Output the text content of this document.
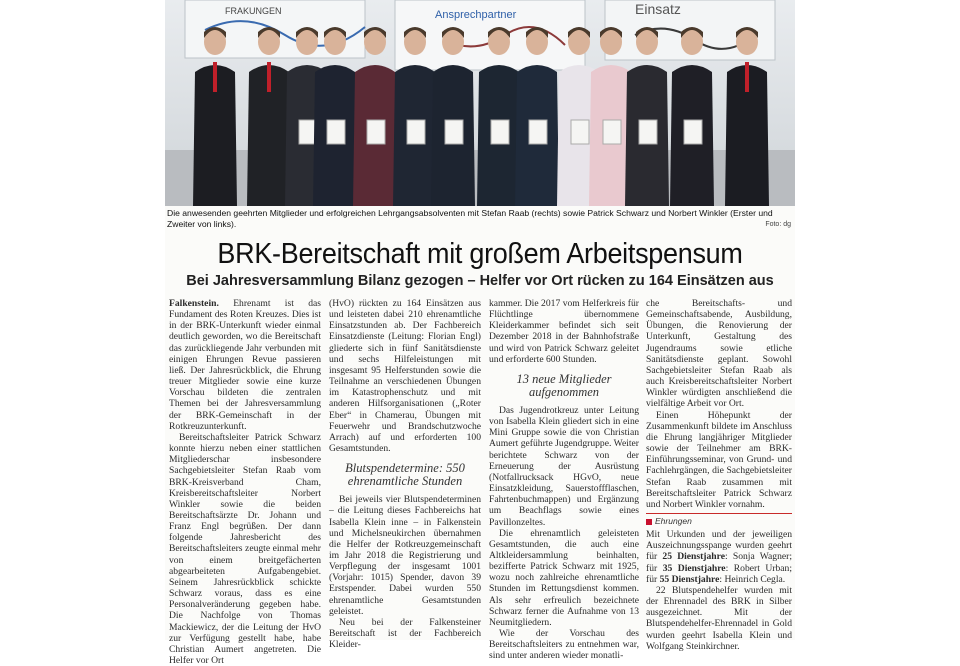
FRAKUNGEN	Ansprechpartner	Einsatz
Die anwesenden geehrten Mitglieder und erfolgreichen Lehrgangsabsolventen mit Stefan Raab (rechts) sowie Patrick Schwarz und Norbert Winkler (Erster und Zweiter von links).	Foto: dg
BRK-Bereitschaft mit großem Arbeitspensum
Bei Jahresversammlung Bilanz gezogen – Helfer vor Ort rücken zu 164 Einsätzen aus

Falkenstein. Ehrenamt ist das Fundament des Roten Kreuzes. Dies ist in der BRK-Unterkunft wieder einmal deutlich geworden, wo die Bereitschaft das zurückliegende Jahr verbunden mit einigen Ehrungen Revue passieren ließ. Der Jahresrückblick, die Ehrung treuer Mitglieder sowie eine kurze Vorschau bildeten die zentralen Themen bei der Jahresversammlung der BRK-Gemeinschaft in der Rotkreuzunterkunft.

Bereitschaftsleiter Patrick Schwarz konnte hierzu neben einer stattlichen Mitgliederschar insbesondere Sachgebietsleiter Stefan Raab vom BRK-Kreisverband Cham, Kreisbereitschaftsleiter Norbert Winkler sowie die beiden Bereitschaftsärzte Dr. Johann und Franz Engl begrüßen. Der dann folgende Jahresbericht des Bereitschaftsleiters zeugte einmal mehr von einem breitgefächerten abgearbeiteten Aufgabengebiet. Seinem Jahresrückblick schickte Schwarz voraus, dass es eine Personalveränderung gegeben habe. Die Nachfolge von Thomas Mackiewicz, der die Leitung der HvO zur Verfügung gestellt habe, habe Christian Aumert angetreten. Die Helfer vor Ort

(HvO) rückten zu 164 Einsätzen aus und leisteten dabei 210 ehrenamtliche Einsatzstunden ab. Der Fachbereich Einsatzdienste (Leitung: Florian Engl) gliederte sich in fünf Sanitätsdienste und sechs Hilfeleistungen mit insgesamt 95 Helferstunden sowie die Teilnahme an verschiedenen Übungen im Katastrophenschutz und mit anderen Hilfsorganisationen („Roter Eber“ in Chamerau, Übungen mit Feuerwehr und Brandschutzwoche Arrach) auf und erforderten 100 Gesamtstunden.

Blutspendetermine: 550 ehrenamtliche Stunden

Bei jeweils vier Blutspendeterminen – die Leitung dieses Fachbereichs hat Isabella Klein inne – in Falkenstein und Michelsneukirchen übernahmen die Helfer der Rotkreuzgemeinschaft im Jahr 2018 die Registrierung und Verpflegung der insgesamt 1001 (Vorjahr: 1015) Spender, davon 39 Erstspender. Dabei wurden 550 ehrenamtliche Gesamtstunden geleistet.

Neu bei der Falkensteiner Bereitschaft ist der Fachbereich Kleider-

kammer. Die 2017 vom Helferkreis für Flüchtlinge übernommene Kleiderkammer befindet sich seit Dezember 2018 in der Bahnhofstraße und wird von Patrick Schwarz geleitet und erforderte 600 Stunden.

13 neue Mitglieder aufgenommen

Das Jugendrotkreuz unter Leitung von Isabella Klein gliedert sich in eine Mini Gruppe sowie die von Christian Aumert geführte Jugendgruppe. Weiter berichtete Schwarz von der Erneuerung der Ausrüstung (Notfallrucksack HGvO, neue Einsatzkleidung, Sauerstoffflaschen, Fahrtenbuchmappen) und Ergänzung um Beachflags sowie eines Pavillonzeltes.

Die ehrenamtlich geleisteten Gesamtstunden, die auch eine Altkleidersammlung beinhalten, bezifferte Patrick Schwarz mit 1925, wozu noch zahlreiche ehrenamtliche Stunden im Rettungsdienst kommen. Als sehr erfreulich bezeichnete Schwarz ferner die Aufnahme von 13 Neumitgliedern.

Wie der Vorschau des Bereitschaftsleiters zu entnehmen war, sind unter anderen wieder monatli-

che Bereitschafts- und Gemeinschaftsabende, Ausbildung, Übungen, die Renovierung der Unterkunft, Gestaltung des Jugendraums sowie etliche Sanitätsdienste geplant. Sowohl Sachgebietsleiter Stefan Raab als auch Kreisbereitschaftsleiter Norbert Winkler würdigten anschließend die vielfältige Arbeit vor Ort.

Einen Höhepunkt der Zusammenkunft bildete im Anschluss die Ehrung langjähriger Mitglieder sowie der Teilnehmer am BRK-Einführungsseminar, von Grund- und Fachlehrgängen, die Sachgebietsleiter Stefan Raab zusammen mit Bereitschaftsleiter Patrick Schwarz und Norbert Winkler vornahm.

Ehrungen

Mit Urkunden und der jeweiligen Auszeichnungsspange wurden geehrt für 25 Dienstjahre: Sonja Wagner; für 35 Dienstjahre: Robert Urban; für 55 Dienstjahre: Heinrich Cegla.

22 Blutspendehelfer wurden mit der Ehrennadel des BRK in Silber ausgezeichnet. Mit der Blutspendehelfer-Ehrennadel in Gold wurden geehrt Isabella Klein und Wolfgang Steinkirchner.
